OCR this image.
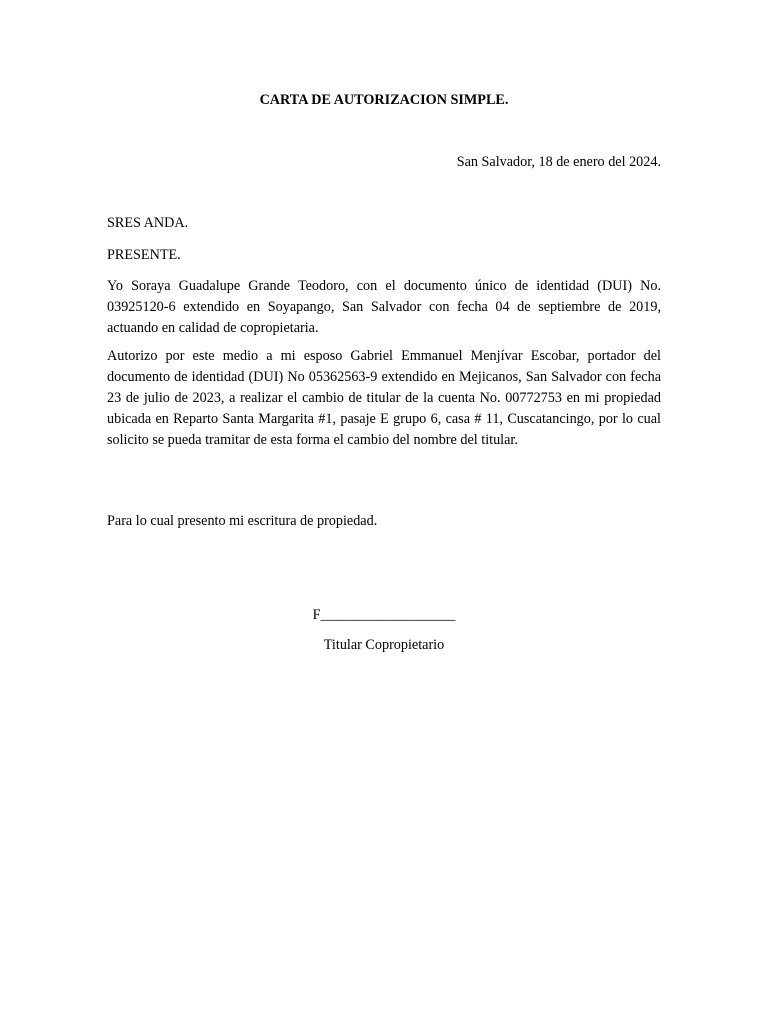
CARTA DE AUTORIZACION SIMPLE.
San Salvador, 18 de enero del 2024.

SRES ANDA.

PRESENTE.

Yo Soraya Guadalupe Grande Teodoro, con el documento único de identidad (DUI) No. 03925120-6 extendido en Soyapango, San Salvador con fecha 04 de septiembre de 2019, actuando en calidad de copropietaria.

Autorizo por este medio a mi esposo Gabriel Emmanuel Menjívar Escobar, portador del documento de identidad (DUI) No 05362563-9 extendido en Mejicanos, San Salvador con fecha 23 de julio de 2023, a realizar el cambio de titular de la cuenta No. 00772753 en mi propiedad ubicada en Reparto Santa Margarita #1, pasaje E grupo 6, casa # 11, Cuscatancingo, por lo cual solicito se pueda tramitar de esta forma el cambio del nombre del titular.

Para lo cual presento mi escritura de propiedad.

F___________________
Titular Copropietario
